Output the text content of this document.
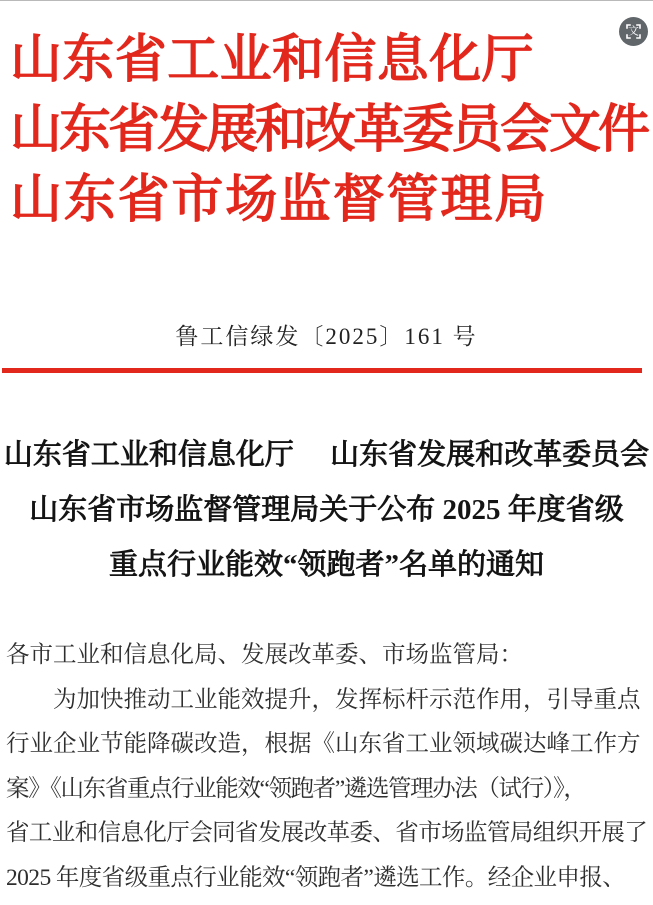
山东省工业和信息化厅
山东省发展和改革委员会文件
山东省市场监督管理局
鲁工信绿发〔2025〕161 号
山东省工业和信息化厅　 山东省发展和改革委员会
山东省市场监督管理局关于公布 2025 年度省级
重点行业能效“领跑者”名单的通知
各市工业和信息化局、发展改革委、市场监管局：
为加快推动工业能效提升，发挥标杆示范作用，引导重点
行业企业节能降碳改造，根据《山东省工业领域碳达峰工作方
案》《山东省重点行业能效“领跑者”遴选管理办法（试行）》，
省工业和信息化厅会同省发展改革委、省市场监管局组织开展了
2025 年度省级重点行业能效“领跑者”遴选工作。经企业申报、
文
